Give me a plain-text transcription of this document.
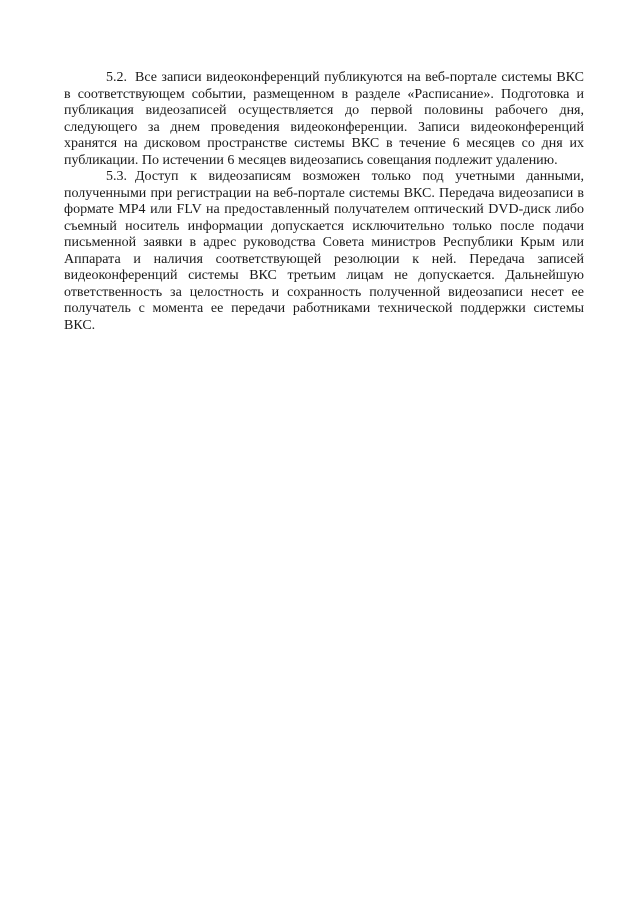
5.2. Все записи видеоконференций публикуются на веб-портале системы ВКС в соответствующем событии, размещенном в разделе «Расписание». Подготовка и публикация видеозаписей осуществляется до первой половины рабочего дня, следующего за днем проведения видеоконференции. Записи видеоконференций хранятся на дисковом пространстве системы ВКС в течение 6 месяцев со дня их публикации. По истечении 6 месяцев видеозапись совещания подлежит удалению.

5.3. Доступ к видеозаписям возможен только под учетными данными, полученными при регистрации на веб-портале системы ВКС. Передача видеозаписи в формате МР4 или FLV на предоставленный получателем оптический DVD-диск либо съемный носитель информации допускается исключительно только после подачи письменной заявки в адрес руководства Совета министров Республики Крым или Аппарата и наличия соответствующей резолюции к ней. Передача записей видеоконференций системы ВКС третьим лицам не допускается. Дальнейшую ответственность за целостность и сохранность полученной видеозаписи несет ее получатель с момента ее передачи работниками технической поддержки системы ВКС.
